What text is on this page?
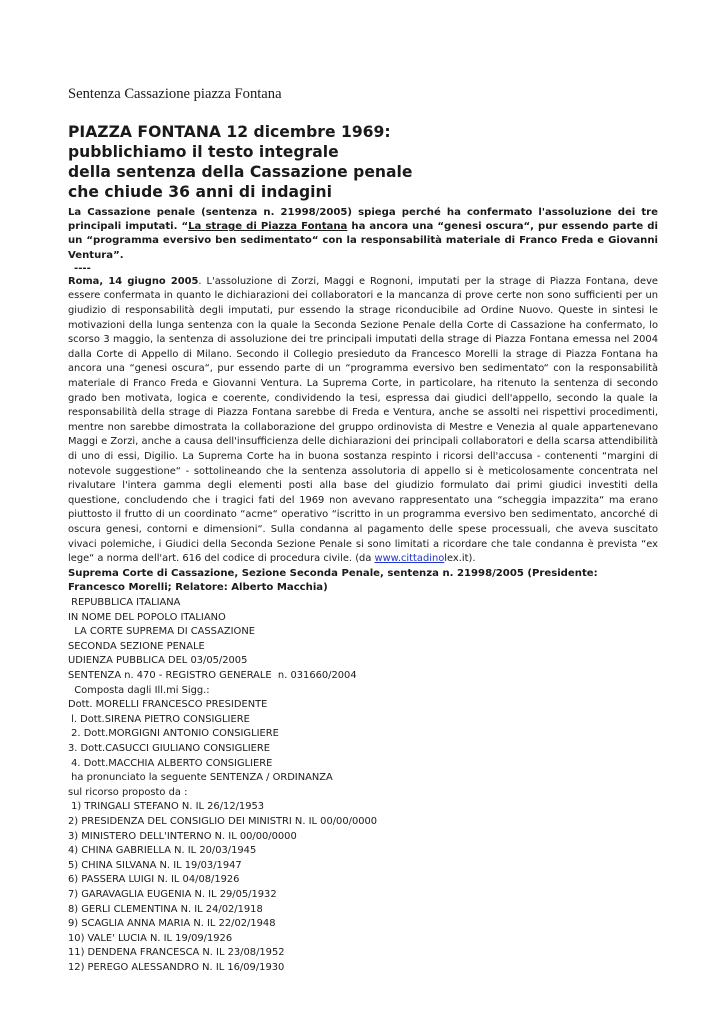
Sentenza Cassazione piazza Fontana

PIAZZA FONTANA 12 dicembre 1969:
pubblichiamo il testo integrale
della sentenza della Cassazione penale
che chiude 36 anni di indagini

La Cassazione penale (sentenza n. 21998/2005) spiega perché ha confermato l'assoluzione dei tre principali imputati. “La strage di Piazza Fontana ha ancora una “genesi oscura“, pur essendo parte di un “programma eversivo ben sedimentato“ con la responsabilità materiale di Franco Freda e Giovanni Ventura”.

----

Roma, 14 giugno 2005. L'assoluzione di Zorzi, Maggi e Rognoni, imputati per la strage di Piazza Fontana, deve essere confermata in quanto le dichiarazioni dei collaboratori e la mancanza di prove certe non sono sufficienti per un giudizio di responsabilità degli imputati, pur essendo la strage riconducibile ad Ordine Nuovo. Queste in sintesi le motivazioni della lunga sentenza con la quale la Seconda Sezione Penale della Corte di Cassazione ha confermato, lo scorso 3 maggio, la sentenza di assoluzione dei tre principali imputati della strage di Piazza Fontana emessa nel 2004 dalla Corte di Appello di Milano. Secondo il Collegio presieduto da Francesco Morelli la strage di Piazza Fontana ha ancora una “genesi oscura“, pur essendo parte di un “programma eversivo ben sedimentato“ con la responsabilità materiale di Franco Freda e Giovanni Ventura. La Suprema Corte, in particolare, ha ritenuto la sentenza di secondo grado ben motivata, logica e coerente, condividendo la tesi, espressa dai giudici dell'appello, secondo la quale la responsabilità della strage di Piazza Fontana sarebbe di Freda e Ventura, anche se assolti nei rispettivi procedimenti, mentre non sarebbe dimostrata la collaborazione del gruppo ordinovista di Mestre e Venezia al quale appartenevano Maggi e Zorzi, anche a causa dell'insufficienza delle dichiarazioni dei principali collaboratori e della scarsa attendibilità di uno di essi, Digilio. La Suprema Corte ha in buona sostanza respinto i ricorsi dell'accusa - contenenti “margini di notevole suggestione“ - sottolineando che la sentenza assolutoria di appello si è meticolosamente concentrata nel rivalutare l'intera gamma degli elementi posti alla base del giudizio formulato dai primi giudici investiti della questione, concludendo che i tragici fati del 1969 non avevano rappresentato una “scheggia impazzita“ ma erano piuttosto il frutto di un coordinato “acme“ operativo “iscritto in un programma eversivo ben sedimentato, ancorché di oscura genesi, contorni e dimensioni“. Sulla condanna al pagamento delle spese processuali, che aveva suscitato vivaci polemiche, i Giudici della Seconda Sezione Penale si sono limitati a ricordare che tale condanna è prevista “ex lege“ a norma dell'art. 616 del codice di procedura civile. (da www.cittadinolex.it).

Suprema Corte di Cassazione, Sezione Seconda Penale, sentenza n. 21998/2005 (Presidente: Francesco Morelli; Relatore: Alberto Macchia)

REPUBBLICA ITALIANA
IN NOME DEL POPOLO ITALIANO
LA CORTE SUPREMA DI CASSAZIONE
SECONDA SEZIONE PENALE
UDIENZA PUBBLICA DEL 03/05/2005
SENTENZA n. 470 - REGISTRO GENERALE  n. 031660/2004
Composta dagli Ill.mi Sigg.:
Dott. MORELLI FRANCESCO PRESIDENTE
l. Dott.SIRENA PIETRO CONSIGLIERE
2. Dott.MORGIGNI ANTONIO CONSIGLIERE
3. Dott.CASUCCI GIULIANO CONSIGLIERE
4. Dott.MACCHIA ALBERTO CONSIGLIERE
ha pronunciato la seguente SENTENZA / ORDINANZA
sul ricorso proposto da :
1) TRINGALI STEFANO N. IL 26/12/1953
2) PRESIDENZA DEL CONSIGLIO DEI MINISTRI N. IL 00/00/0000
3) MINISTERO DELL'INTERNO N. IL 00/00/0000
4) CHINA GABRIELLA N. IL 20/03/1945
5) CHINA SILVANA N. IL 19/03/1947
6) PASSERA LUIGI N. IL 04/08/1926
7) GARAVAGLIA EUGENIA N. IL 29/05/1932
8) GERLI CLEMENTINA N. IL 24/02/1918
9) SCAGLIA ANNA MARIA N. IL 22/02/1948
10) VALE' LUCIA N. IL 19/09/1926
11) DENDENA FRANCESCA N. IL 23/08/1952
12) PEREGO ALESSANDRO N. IL 16/09/1930
